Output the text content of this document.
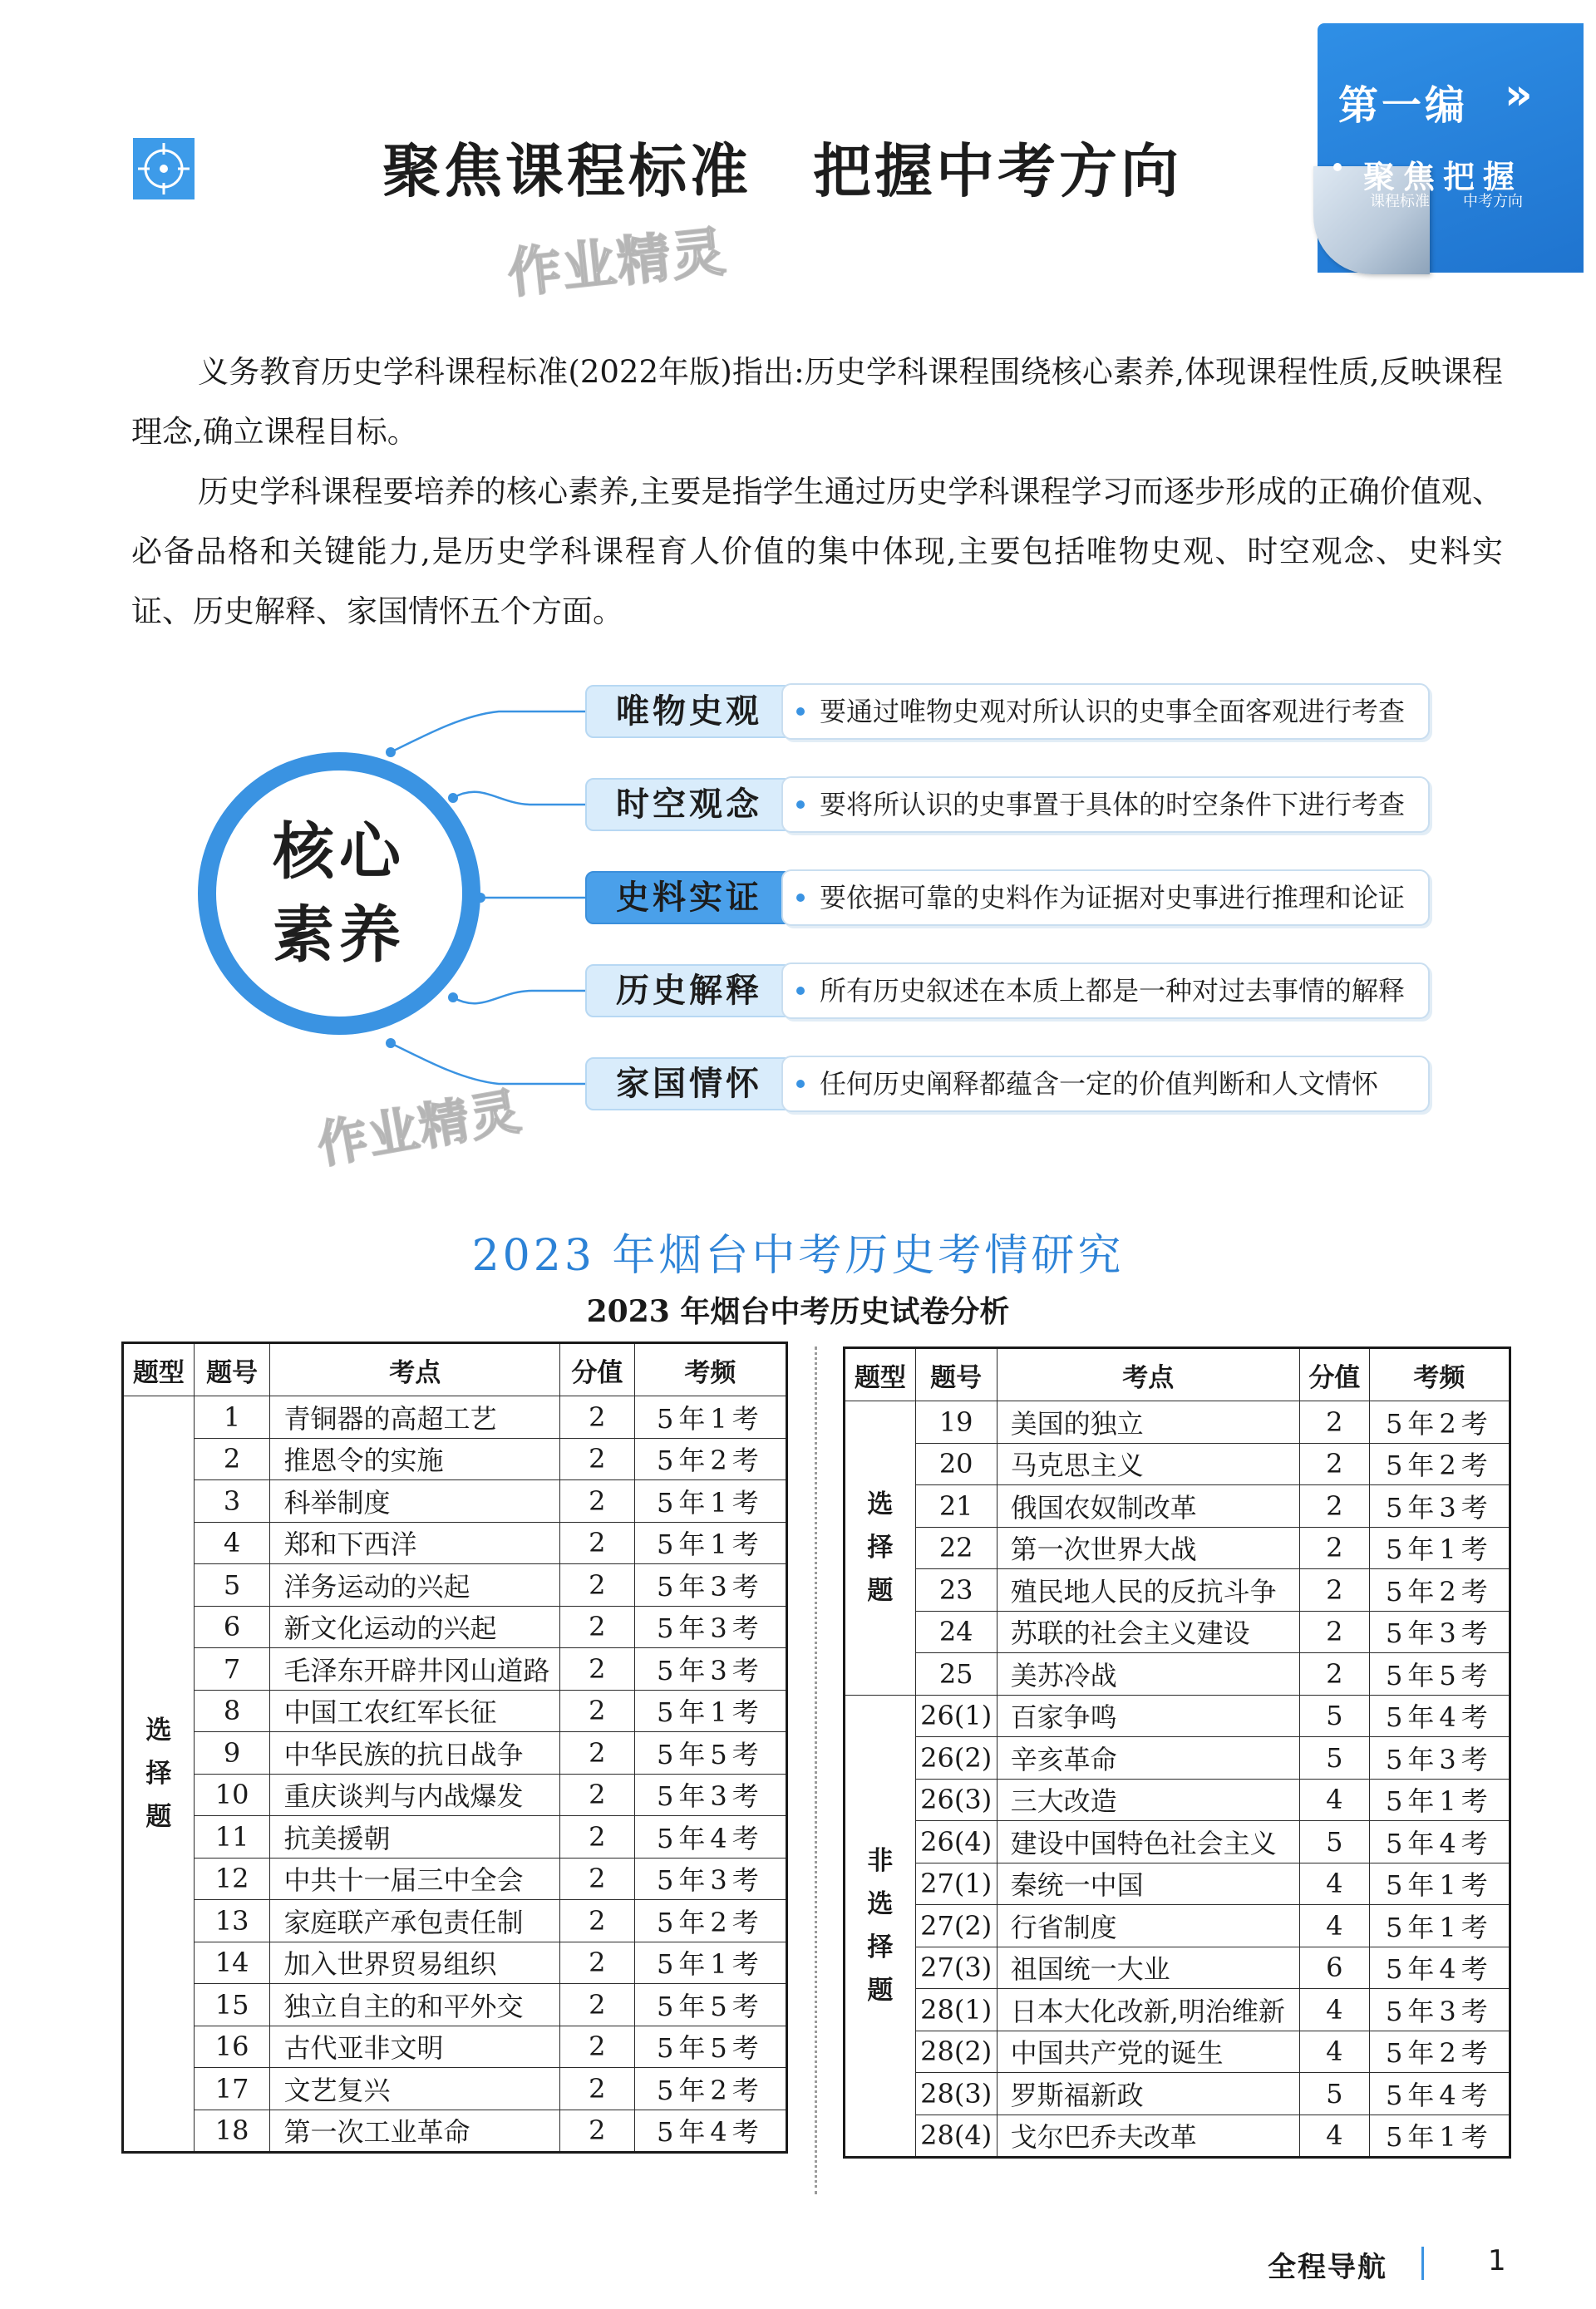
聚焦课程标准　把握中考方向
作业精灵
第一编 »
聚焦把握
课程标准 中考方向
义务教育历史学科课程标准(2022年版)指出:历史学科课程围绕核心素养,体现课程性质,反映课程理念,确立课程目标。
历史学科课程要培养的核心素养,主要是指学生通过历史学科课程学习而逐步形成的正确价值观、必备品格和关键能力,是历史学科课程育人价值的集中体现,主要包括唯物史观、时空观念、史料实证、历史解释、家国情怀五个方面。
核心
素养
唯物史观	要通过唯物史观对所认识的史事全面客观进行考查
时空观念	要将所认识的史事置于具体的时空条件下进行考查
史料实证	要依据可靠的史料作为证据对史事进行推理和论证
历史解释	所有历史叙述在本质上都是一种对过去事情的解释
家国情怀	任何历史阐释都蕴含一定的价值判断和人文情怀
作业精灵
2023 年烟台中考历史考情研究
2023 年烟台中考历史试卷分析
题型	题号	考点	分值	考频
选
择
题	1	青铜器的高超工艺	2	5年1考
	2	推恩令的实施	2	5年2考
	3	科举制度	2	5年1考
	4	郑和下西洋	2	5年1考
	5	洋务运动的兴起	2	5年3考
	6	新文化运动的兴起	2	5年3考
	7	毛泽东开辟井冈山道路	2	5年3考
	8	中国工农红军长征	2	5年1考
	9	中华民族的抗日战争	2	5年5考
	10	重庆谈判与内战爆发	2	5年3考
	11	抗美援朝	2	5年4考
	12	中共十一届三中全会	2	5年3考
	13	家庭联产承包责任制	2	5年2考
	14	加入世界贸易组织	2	5年1考
	15	独立自主的和平外交	2	5年5考
	16	古代亚非文明	2	5年5考
	17	文艺复兴	2	5年2考
	18	第一次工业革命	2	5年4考
题型	题号	考点	分值	考频
选
择
题	19	美国的独立	2	5年2考
	20	马克思主义	2	5年2考
	21	俄国农奴制改革	2	5年3考
	22	第一次世界大战	2	5年1考
	23	殖民地人民的反抗斗争	2	5年2考
	24	苏联的社会主义建设	2	5年3考
	25	美苏冷战	2	5年5考
非
选
择
题	26(1)	百家争鸣	5	5年4考
	26(2)	辛亥革命	5	5年3考
	26(3)	三大改造	4	5年1考
	26(4)	建设中国特色社会主义	5	5年4考
	27(1)	秦统一中国	4	5年1考
	27(2)	行省制度	4	5年1考
	27(3)	祖国统一大业	6	5年4考
	28(1)	日本大化改新,明治维新	4	5年3考
	28(2)	中国共产党的诞生	4	5年2考
	28(3)	罗斯福新政	5	5年4考
	28(4)	戈尔巴乔夫改革	4	5年1考
全程导航	1
